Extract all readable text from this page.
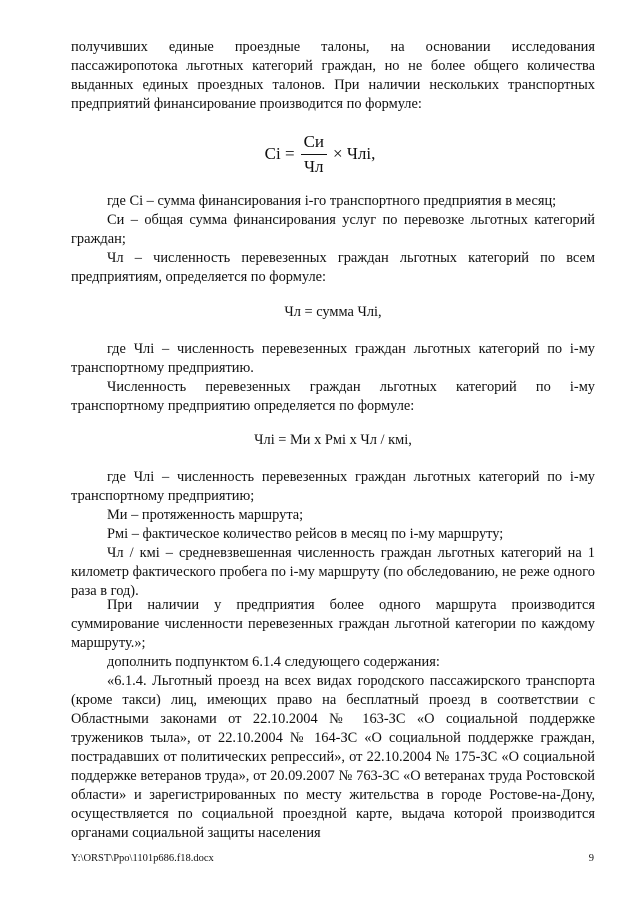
получивших единые проездные талоны, на основании исследования пассажиропотока льготных категорий граждан, но не более общего количества выданных единых проездных талонов. При наличии нескольких транспортных предприятий финансирование производится по формуле:

Сі = $\frac{Си}{Чл}$ × Члі,

где Сі – сумма финансирования і-го транспортного предприятия в месяц;

Си – общая сумма финансирования услуг по перевозке льготных категорий граждан;

Чл – численность перевезенных граждан льготных категорий по всем предприятиям, определяется по формуле:

Чл = сумма Члі,

где Члі – численность перевезенных граждан льготных категорий по і-му транспортному предприятию.

Численность перевезенных граждан льготных категорий по і-му транспортному предприятию определяется по формуле:

Члі = Ми х Рмі х Чл / кмі,

где Члі – численность перевезенных граждан льготных категорий по і-му транспортному предприятию;

Ми – протяженность маршрута;

Рмі – фактическое количество рейсов в месяц по і-му маршруту;

Чл / кмі – средневзвешенная численность граждан льготных категорий на 1 километр фактического пробега по і-му маршруту (по обследованию, не реже одного раза в год).

При наличии у предприятия более одного маршрута производится суммирование численности перевезенных граждан льготной категории по каждому маршруту.»;

дополнить подпунктом 6.1.4 следующего содержания:

«6.1.4. Льготный проезд на всех видах городского пассажирского транспорта (кроме такси) лиц, имеющих право на бесплатный проезд в соответствии с Областными законами от 22.10.2004 № 163-ЗС «О социальной поддержке тружеников тыла», от 22.10.2004 № 164-ЗС «О социальной поддержке граждан, пострадавших от политических репрессий», от 22.10.2004 № 175-ЗС «О социальной поддержке ветеранов труда», от 20.09.2007 № 763-ЗС «О ветеранах труда Ростовской области» и зарегистрированных по месту жительства в городе Ростове-на-Дону, осуществляется по социальной проездной карте, выдача которой производится органами социальной защиты населения

Y:\ORST\Ppo\1101p686.f18.docx	9
